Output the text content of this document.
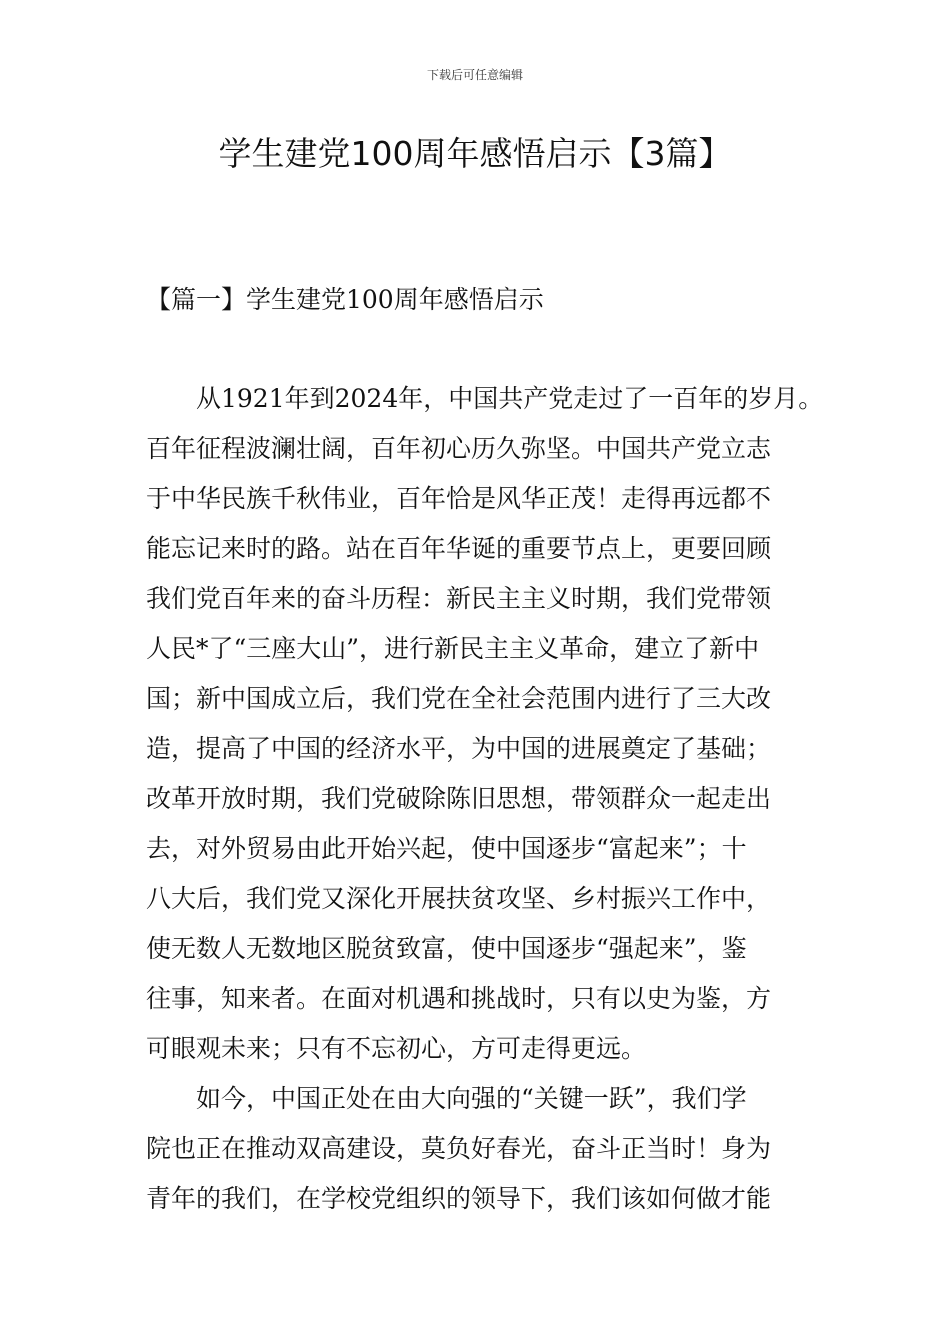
下载后可任意编辑
学生建党100周年感悟启示【3篇】
【篇一】学生建党100周年感悟启示
从1921年到2024年，中国共产党走过了一百年的岁月。
百年征程波澜壮阔，百年初心历久弥坚。中国共产党立志
于中华民族千秋伟业，百年恰是风华正茂！走得再远都不
能忘记来时的路。站在百年华诞的重要节点上，更要回顾
我们党百年来的奋斗历程：新民主主义时期，我们党带领
人民*了“三座大山”，进行新民主主义革命，建立了新中
国；新中国成立后，我们党在全社会范围内进行了三大改
造，提高了中国的经济水平，为中国的进展奠定了基础；
改革开放时期，我们党破除陈旧思想，带领群众一起走出
去，对外贸易由此开始兴起，使中国逐步“富起来”；十
八大后，我们党又深化开展扶贫攻坚、乡村振兴工作中，
使无数人无数地区脱贫致富，使中国逐步“强起来”，鉴
往事，知来者。在面对机遇和挑战时，只有以史为鉴，方
可眼观未来；只有不忘初心，方可走得更远。
如今，中国正处在由大向强的“关键一跃”，我们学
院也正在推动双高建设，莫负好春光，奋斗正当时！身为
青年的我们，在学校党组织的领导下，我们该如何做才能
